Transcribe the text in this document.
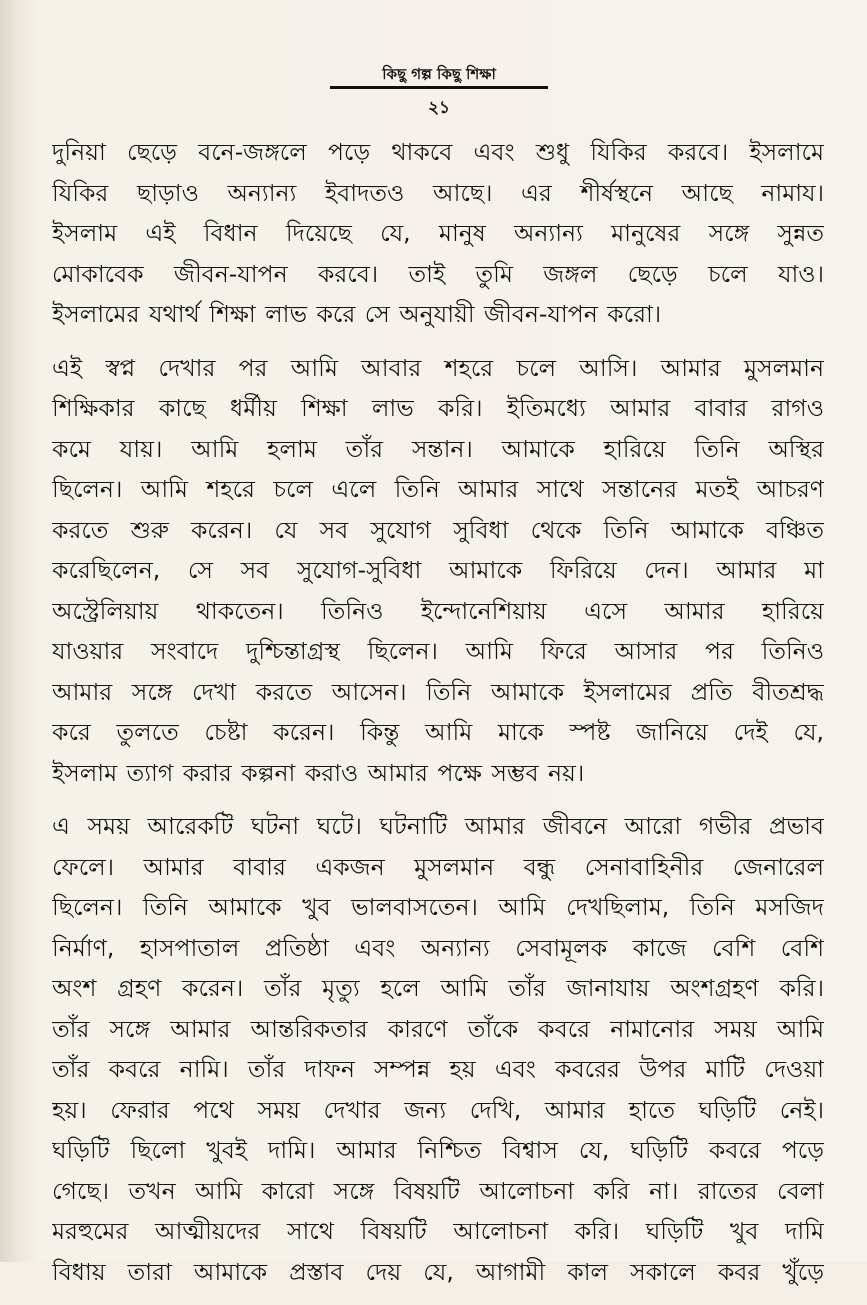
কিছু গল্প কিছু শিক্ষা
২১
দুনিয়া ছেড়ে বনে-জঙ্গলে পড়ে থাকবে এবং শুধু যিকির করবে। ইসলামে
যিকির ছাড়াও অন্যান্য ইবাদতও আছে। এর শীর্ষস্থনে আছে নামায।
ইসলাম এই বিধান দিয়েছে যে, মানুষ অন্যান্য মানুষের সঙ্গে সুন্নত
মোকাবেক জীবন-যাপন করবে। তাই তুমি জঙ্গল ছেড়ে চলে যাও।
ইসলামের যথার্থ শিক্ষা লাভ করে সে অনুযায়ী জীবন-যাপন করো।
এই স্বপ্ন দেখার পর আমি আবার শহরে চলে আসি। আমার মুসলমান
শিক্ষিকার কাছে ধর্মীয় শিক্ষা লাভ করি। ইতিমধ্যে আমার বাবার রাগও
কমে যায়। আমি হলাম তাঁর সন্তান। আমাকে হারিয়ে তিনি অস্থির
ছিলেন। আমি শহরে চলে এলে তিনি আমার সাথে সন্তানের মতই আচরণ
করতে শুরু করেন। যে সব সুযোগ সুবিধা থেকে তিনি আমাকে বঞ্চিত
করেছিলেন, সে সব সুযোগ-সুবিধা আমাকে ফিরিয়ে দেন। আমার মা
অস্ট্রেলিয়ায় থাকতেন। তিনিও ইন্দোনেশিয়ায় এসে আমার হারিয়ে
যাওয়ার সংবাদে দুশ্চিন্তাগ্রস্থ ছিলেন। আমি ফিরে আসার পর তিনিও
আমার সঙ্গে দেখা করতে আসেন। তিনি আমাকে ইসলামের প্রতি বীতশ্রদ্ধ
করে তুলতে চেষ্টা করেন। কিন্তু আমি মাকে স্পষ্ট জানিয়ে দেই যে,
ইসলাম ত্যাগ করার কল্পনা করাও আমার পক্ষে সম্ভব নয়।
এ সময় আরেকটি ঘটনা ঘটে। ঘটনাটি আমার জীবনে আরো গভীর প্রভাব
ফেলে। আমার বাবার একজন মুসলমান বন্ধু সেনাবাহিনীর জেনারেল
ছিলেন। তিনি আমাকে খুব ভালবাসতেন। আমি দেখছিলাম, তিনি মসজিদ
নির্মাণ, হাসপাতাল প্রতিষ্ঠা এবং অন্যান্য সেবামূলক কাজে বেশি বেশি
অংশ গ্রহণ করেন। তাঁর মৃত্যু হলে আমি তাঁর জানাযায় অংশগ্রহণ করি।
তাঁর সঙ্গে আমার আন্তরিকতার কারণে তাঁকে কবরে নামানোর সময় আমি
তাঁর কবরে নামি। তাঁর দাফন সম্পন্ন হয় এবং কবরের উপর মাটি দেওয়া
হয়। ফেরার পথে সময় দেখার জন্য দেখি, আমার হাতে ঘড়িটি নেই।
ঘড়িটি ছিলো খুবই দামি। আমার নিশ্চিত বিশ্বাস যে, ঘড়িটি কবরে পড়ে
গেছে। তখন আমি কারো সঙ্গে বিষয়টি আলোচনা করি না। রাতের বেলা
মরহুমের আত্মীয়দের সাথে বিষয়টি আলোচনা করি। ঘড়িটি খুব দামি
বিধায় তারা আমাকে প্রস্তাব দেয় যে, আগামী কাল সকালে কবর খুঁড়ে
